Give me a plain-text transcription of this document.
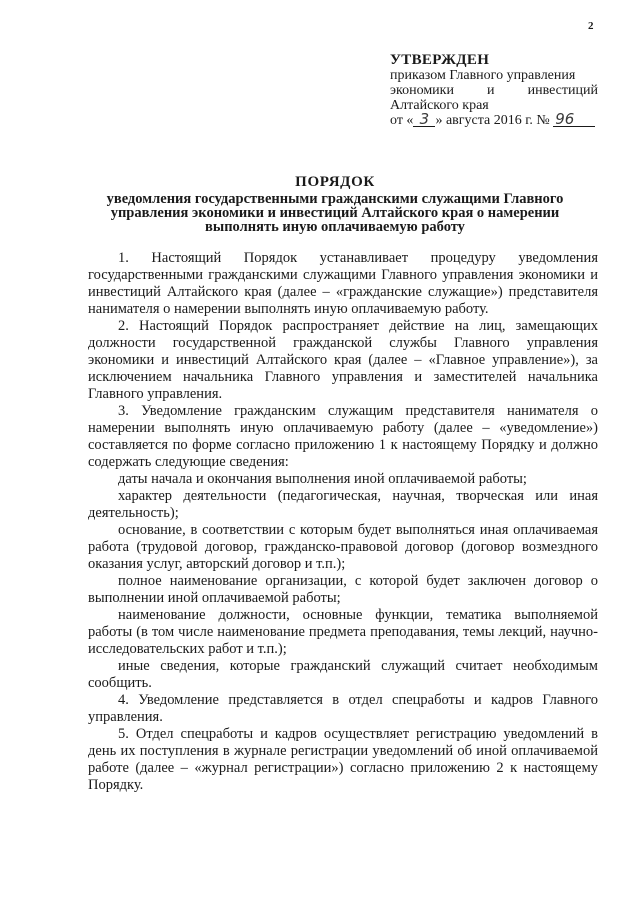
2
УТВЕРЖДЕН
приказом Главного управления
экономики и инвестиций
Алтайского края
от « 3 » августа 2016 г. № 96
ПОРЯДОК

уведомления государственными гражданскими служащими Главного управления экономики и инвестиций Алтайского края о намерении выполнять иную оплачиваемую работу

1. Настоящий Порядок устанавливает процедуру уведомления государственными гражданскими служащими Главного управления экономики и инвестиций Алтайского края (далее – «гражданские служащие») представителя нанимателя о намерении выполнять иную оплачиваемую работу.

2. Настоящий Порядок распространяет действие на лиц, замещающих должности государственной гражданской службы Главного управления экономики и инвестиций Алтайского края (далее – «Главное управление»), за исключением начальника Главного управления и заместителей начальника Главного управления.

3. Уведомление гражданским служащим представителя нанимателя о намерении выполнять иную оплачиваемую работу (далее – «уведомление») составляется по форме согласно приложению 1 к настоящему Порядку и должно содержать следующие сведения:

даты начала и окончания выполнения иной оплачиваемой работы;

характер деятельности (педагогическая, научная, творческая или иная деятельность);

основание, в соответствии с которым будет выполняться иная оплачиваемая работа (трудовой договор, гражданско-правовой договор (договор возмездного оказания услуг, авторский договор и т.п.);

полное наименование организации, с которой будет заключен договор о выполнении иной оплачиваемой работы;

наименование должности, основные функции, тематика выполняемой работы (в том числе наименование предмета преподавания, темы лекций, научно-исследовательских работ и т.п.);

иные сведения, которые гражданский служащий считает необходимым сообщить.

4. Уведомление представляется в отдел спецработы и кадров Главного управления.

5. Отдел спецработы и кадров осуществляет регистрацию уведомлений в день их поступления в журнале регистрации уведомлений об иной оплачиваемой работе (далее – «журнал регистрации») согласно приложению 2 к настоящему Порядку.
